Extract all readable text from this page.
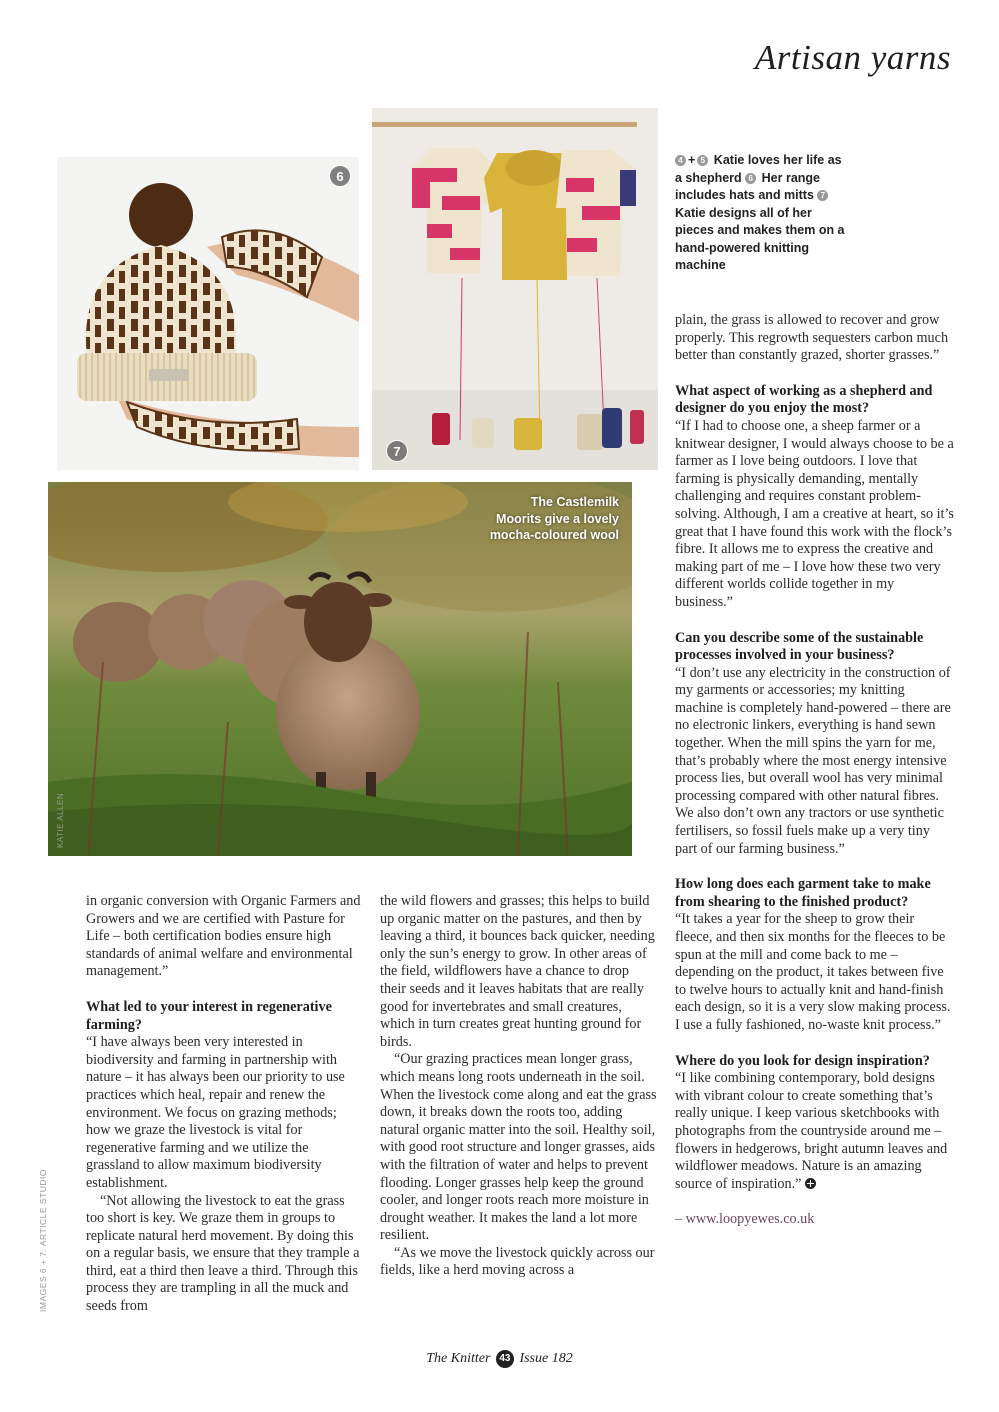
Artisan yarns
6
7
4 + 5 Katie loves her life as a shepherd 6 Her range includes hats and mitts 7 Katie designs all of her pieces and makes them on a hand-powered knitting machine
KATIE ALLEN
The Castlemilk
Moorits give a lovely
mocha-coloured wool
IMAGES 6 + 7: ARTICLE STUDIO

in organic conversion with Organic Farmers and Growers and we are certified with Pasture for Life – both certification bodies ensure high standards of animal welfare and environmental management.”

What led to your interest in regenerative farming?

“I have always been very interested in biodiversity and farming in partnership with nature – it has always been our priority to use practices which heal, repair and renew the environment. We focus on grazing methods; how we graze the livestock is vital for regenerative farming and we utilize the grassland to allow maximum biodiversity establishment.

“Not allowing the livestock to eat the grass too short is key. We graze them in groups to replicate natural herd movement. By doing this on a regular basis, we ensure that they trample a third, eat a third then leave a third. Through this process they are trampling in all the muck and seeds from

the wild flowers and grasses; this helps to build up organic matter on the pastures, and then by leaving a third, it bounces back quicker, needing only the sun’s energy to grow. In other areas of the field, wildflowers have a chance to drop their seeds and it leaves habitats that are really good for invertebrates and small creatures, which in turn creates great hunting ground for birds.

“Our grazing practices mean longer grass, which means long roots underneath in the soil. When the livestock come along and eat the grass down, it breaks down the roots too, adding natural organic matter into the soil. Healthy soil, with good root structure and longer grasses, aids with the filtration of water and helps to prevent flooding. Longer grasses help keep the ground cooler, and longer roots reach more moisture in drought weather. It makes the land a lot more resilient.

“As we move the livestock quickly across our fields, like a herd moving across a

plain, the grass is allowed to recover and grow properly. This regrowth sequesters carbon much better than constantly grazed, shorter grasses.”

What aspect of working as a shepherd and designer do you enjoy the most?

“If I had to choose one, a sheep farmer or a knitwear designer, I would always choose to be a farmer as I love being outdoors. I love that farming is physically demanding, mentally challenging and requires constant problem-solving. Although, I am a creative at heart, so it’s great that I have found this work with the flock’s fibre. It allows me to express the creative and making part of me – I love how these two very different worlds collide together in my business.”

Can you describe some of the sustainable processes involved in your business?

“I don’t use any electricity in the construction of my garments or accessories; my knitting machine is completely hand-powered – there are no electronic linkers, everything is hand sewn together. When the mill spins the yarn for me, that’s probably where the most energy intensive process lies, but overall wool has very minimal processing compared with other natural fibres. We also don’t own any tractors or use synthetic fertilisers, so fossil fuels make up a very tiny part of our farming business.”

How long does each garment take to make from shearing to the finished product?

“It takes a year for the sheep to grow their fleece, and then six months for the fleeces to be spun at the mill and come back to me – depending on the product, it takes between five to twelve hours to actually knit and hand-finish each design, so it is a very slow making process. I use a fully fashioned, no-waste knit process.”

Where do you look for design inspiration?

“I like combining contemporary, bold designs with vibrant colour to create something that’s really unique. I keep various sketchbooks with photographs from the countryside around me – flowers in hedgerows, bright autumn leaves and wildflower meadows. Nature is an amazing source of inspiration.”

– www.loopyewes.co.uk

The Knitter 43 Issue 182
